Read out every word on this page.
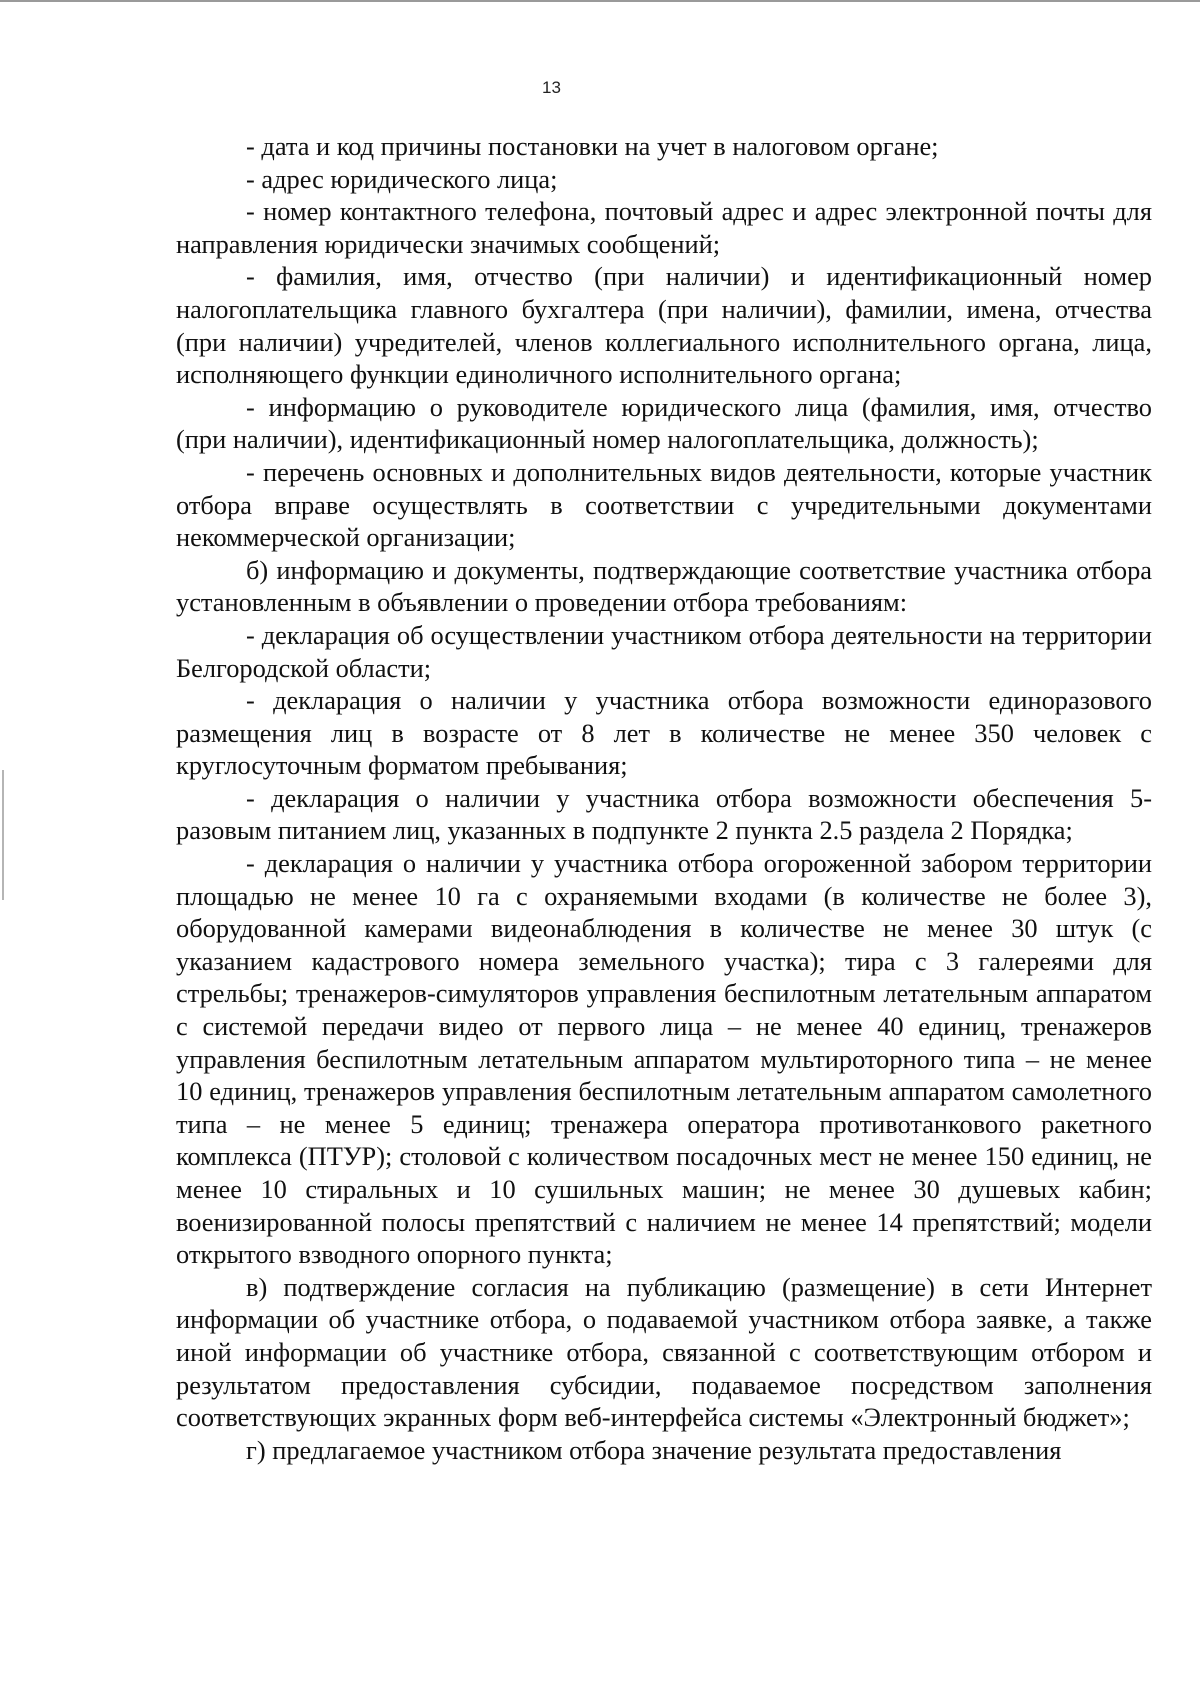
13

- дата и код причины постановки на учет в налоговом органе;

- адрес юридического лица;

- номер контактного телефона, почтовый адрес и адрес электронной почты для направления юридически значимых сообщений;

- фамилия, имя, отчество (при наличии) и идентификационный номер налогоплательщика главного бухгалтера (при наличии), фамилии, имена, отчества (при наличии) учредителей, членов коллегиального исполнительного органа, лица, исполняющего функции единоличного исполнительного органа;

- информацию о руководителе юридического лица (фамилия, имя, отчество (при наличии), идентификационный номер налогоплательщика, должность);

- перечень основных и дополнительных видов деятельности, которые участник отбора вправе осуществлять в соответствии с учредительными документами некоммерческой организации;

б) информацию и документы, подтверждающие соответствие участника отбора установленным в объявлении о проведении отбора требованиям:

- декларация об осуществлении участником отбора деятельности на территории Белгородской области;

- декларация о наличии у участника отбора возможности единоразового размещения лиц в возрасте от 8 лет в количестве не менее 350 человек с круглосуточным форматом пребывания;

- декларация о наличии у участника отбора возможности обеспечения 5-разовым питанием лиц, указанных в подпункте 2 пункта 2.5 раздела 2 Порядка;

- декларация о наличии у участника отбора огороженной забором территории площадью не менее 10 га с охраняемыми входами (в количестве не более 3), оборудованной камерами видеонаблюдения в количестве не менее 30 штук (с указанием кадастрового номера земельного участка); тира с 3 галереями для стрельбы; тренажеров-симуляторов управления беспилотным летательным аппаратом с системой передачи видео от первого лица – не менее 40 единиц, тренажеров управления беспилотным летательным аппаратом мультироторного типа – не менее 10 единиц, тренажеров управления беспилотным летательным аппаратом самолетного типа – не менее 5 единиц; тренажера оператора противотанкового ракетного комплекса (ПТУР); столовой с количеством посадочных мест не менее 150 единиц, не менее 10 стиральных и 10 сушильных машин; не менее 30 душевых кабин; военизированной полосы препятствий с наличием не менее 14 препятствий; модели открытого взводного опорного пункта;

в) подтверждение согласия на публикацию (размещение) в сети Интернет информации об участнике отбора, о подаваемой участником отбора заявке, а также иной информации об участнике отбора, связанной с соответствующим отбором и результатом предоставления субсидии, подаваемое посредством заполнения соответствующих экранных форм веб-интерфейса системы «Электронный бюджет»;

г) предлагаемое участником отбора значение результата предоставления
